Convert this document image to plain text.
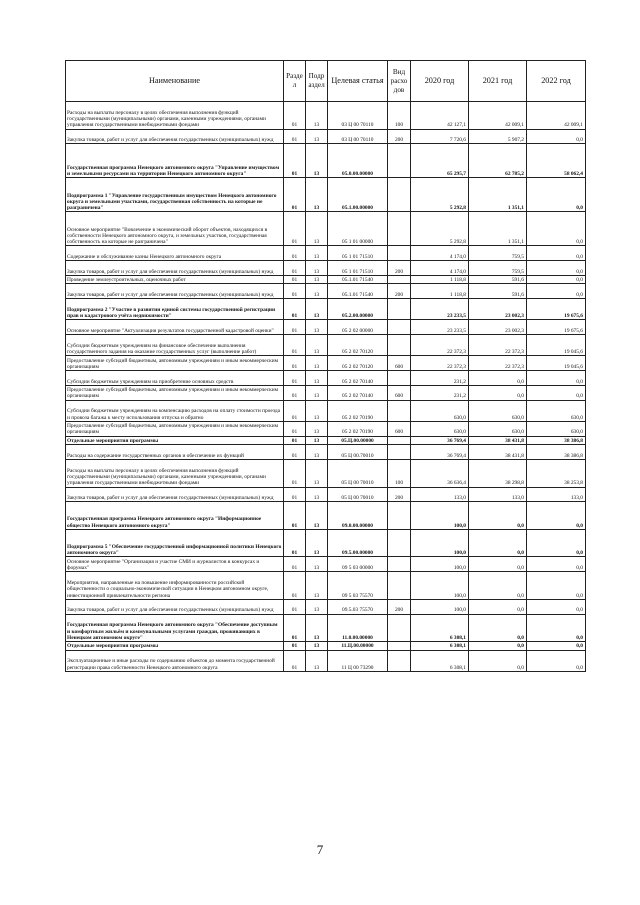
Наименование	Разде л	Подр аздел	Целевая статья	Вид расхо дов	2020 год	2021 год	2022 год
Расходы на выплаты персоналу в целях обеспечения выполнения функций государственными (муниципальными) органами, казенными учреждениями, органами управления государственными внебюджетными фондами	01	13	03 Ц 00 70110	100	42 127,1	42 009,1	42 009,1
Закупка товаров, работ и услуг для обеспечения государственных (муниципальных) нужд	01	13	03 Ц 00 70110	200	7 720,6	5 907,2	0,0
Государственная программа Ненецкого автономного округа "Управление имуществом и земельными ресурсами на территории Ненецкого автономного округа"	01	13	05.0.00.00000		65 295,7	62 785,2	58 062,4
Подпрограмма 1 "Управление государственным имуществом Ненецкого автономного округа и земельными участками, государственная собственность на которые не разграничена"	01	13	05.1.00.00000		5 292,8	1 351,1	0,0
Основное мероприятие "Вовлечение в экономический оборот объектов, находящихся в собственности Ненецкого автономного округа, и земельных участков, государственная собственность на которые не разграничена"	01	13	05 1 01 00000		5 292,8	1 351,1	0,0
Содержание и обслуживание казны Ненецкого автономного округа	01	13	05 1 01 71510		4 174,0	759,5	0,0
Закупка товаров, работ и услуг для обеспечения государственных (муниципальных) нужд	01	13	05 1 01 71510	200	4 174,0	759,5	0,0
Проведение землеустроительных, оценочных работ	01	13	05.1.01 71540		1 118,8	591,6	0,0
Закупка товаров, работ и услуг для обеспечения государственных (муниципальных) нужд	01	13	05.1.01 71540	200	1 118,8	591,6	0,0
Подпрограмма 2 "Участие в развитии единой системы государственной регистрации прав и кадастрового учёта недвижимости"	01	13	05.2.00.00000		23 233,5	23 002,3	19 675,6
Основное мероприятие "Актуализация результатов государственной кадастровой оценки"	01	13	05 2 02 00000		23 233,5	23 002,3	19 675,6
Субсидии бюджетным учреждениям на финансовое обеспечение выполнения государственного задания на оказание государственных услуг (выполнение работ)	01	13	05 2 02 70120		22 372,3	22 372,3	19 045,6
Предоставление субсидий бюджетным, автономным учреждениям и иным некоммерческим организациям	01	13	05 2 02 70120	600	22 372,3	22 372,3	19 045,6
Субсидии бюджетным учреждениям на приобретение основных средств	01	13	05 2 02 70140		231,2	0,0	0,0
Предоставление субсидий бюджетным, автономным учреждениям и иным некоммерческим организациям	01	13	05 2 02 70140	600	231,2	0,0	0,0
Субсидии бюджетным учреждениям на компенсацию расходов на оплату стоимости проезда и провоза багажа к месту использования отпуска и обратно	01	13	05 2 02 70190		630,0	630,0	630,0
Предоставление субсидий бюджетным, автономным учреждениям и иным некоммерческим организациям	01	13	05 2 02 70190	600	630,0	630,0	630,0
Отдельные мероприятия программы	01	13	05.Ц.00.00000		36 769,4	38 431,8	38 386,8
Расходы на содержание государственных органов и обеспечение их функций	01	13	05 Ц 00.70010		36 769,4	38 431,8	38 386,8
Расходы на выплаты персоналу в целях обеспечения выполнения функций государственными (муниципальными) органами, казенными учреждениями, органами управления государственными внебюджетными фондами	01	13	05 Ц 00 70010	100	36 636,4	38 298,8	38 253,8
Закупка товаров, работ и услуг для обеспечения государственных (муниципальных) нужд	01	13	05 Ц 00 70010	200	133,0	133,0	133,0
Государственная программа Ненецкого автономного округа "Информационное общество Ненецкого автономного округа"	01	13	09.0.00.00000		100,0	0,0	0,0
Подпрограмма 5 "Обеспечение государственной информационной политики Ненецкого автономного округа"	01	13	09.5.00.00000		100,0	0,0	0,0
Основное мероприятие "Организация и участие СМИ и журналистов в конкурсах и форумах"	01	13	09 5 03 00000		100,0	0,0	0,0
Мероприятия, направленные на повышение информированности российской общественности о социально-экономической ситуации в Ненецком автономном округе, инвестиционной привлекательности региона	01	13	09 5 03 75570		100,0	0,0	0,0
Закупка товаров, работ и услуг для обеспечения государственных (муниципальных) нужд	01	13	09.5.03 75570	200	100,0	0,0	0,0
Государственная программа Ненецкого автономного округа "Обеспечение доступным и комфортным жильём и коммунальными услугами граждан, проживающих в Ненецком автономном округе"	01	13	11.0.00.00000		6 308,1	0,0	0,0
Отдельные мероприятия программы	01	13	11.Ц.00.00000		6 308,1	0,0	0,0
Эксплуатационные и иные расходы по содержанию объектов до момента государственной регистрации права собственности Ненецкого автономного округа	01	13	11 Ц 00 73290		6 308,1	0,0	0,0
7
